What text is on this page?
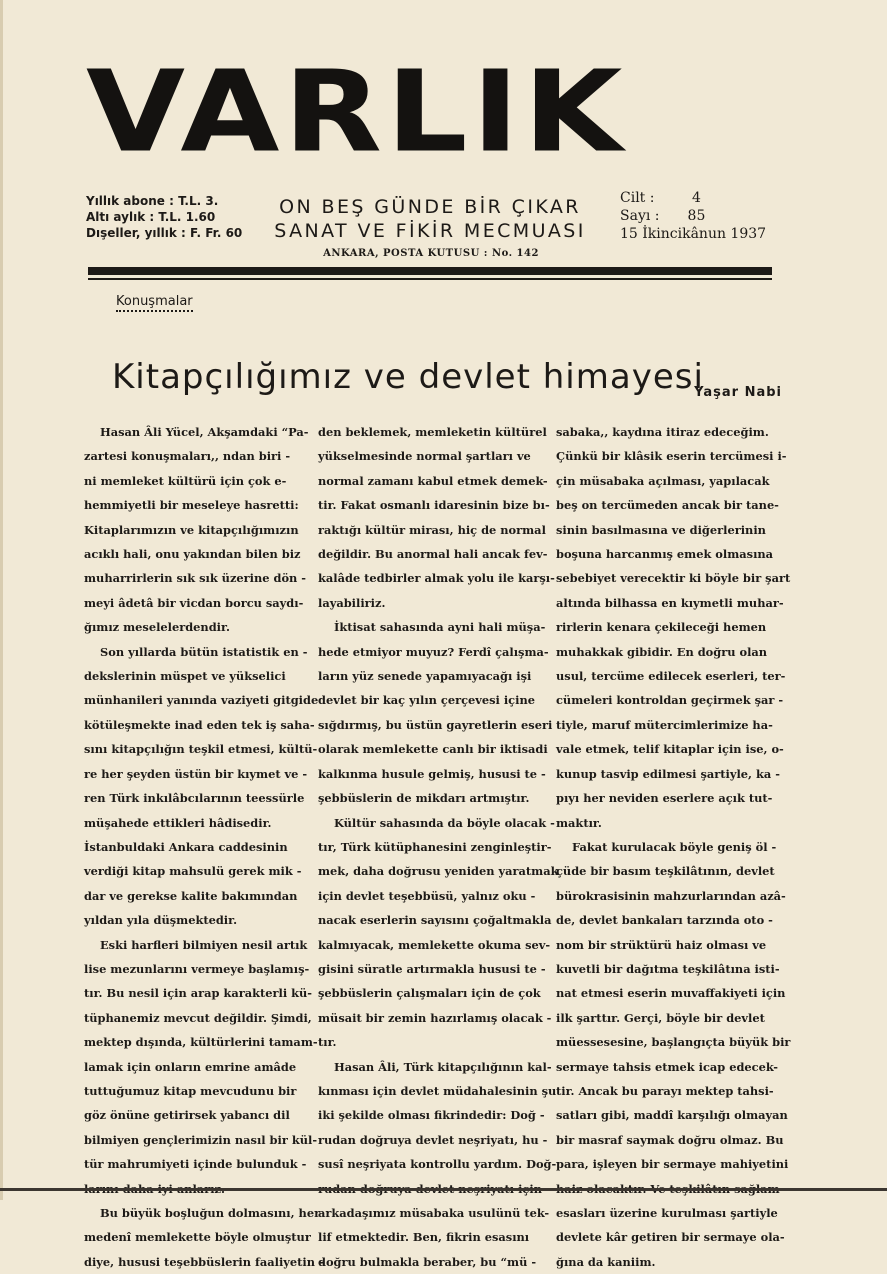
VARLIK
Yıllık abone : T.L. 3.
Altı aylık : T.L. 1.60
Dışeller, yıllık : F. Fr. 60
ON BEŞ GÜNDE BİR ÇIKAR
SANAT VE FİKİR MECMUASI
ANKARA, POSTA KUTUSU : No. 142
Cilt :	4
Sayı : 85
15 İkincikânun 1937
Konuşmalar
Kitapçılığımız ve devlet himayesi
Yaşar Nabi
Hasan Âli Yücel, Akşamdaki “Pa-
zartesi konuşmaları,, ndan biri -
ni memleket kültürü için çok e-
hemmiyetli bir meseleye hasretti:
Kitaplarımızın ve kitapçılığımızın
acıklı hali, onu yakından bilen biz
muharrirlerin sık sık üzerine dön -
meyi âdetâ bir vicdan borcu saydı-
ğımız meselelerdendir.
Son yıllarda bütün istatistik en -
dekslerinin müspet ve yükselici
münhanileri yanında vaziyeti gitgide
kötüleşmekte inad eden tek iş saha-
sını kitapçılığın teşkil etmesi, kültü-
re her şeyden üstün bir kıymet ve -
ren Türk inkılâbcılarının teessürle
müşahede ettikleri hâdisedir.
İstanbuldaki Ankara caddesinin
verdiği kitap mahsulü gerek mik -
dar ve gerekse kalite bakımından
yıldan yıla düşmektedir.
Eski harfleri bilmiyen nesil artık
lise mezunlarını vermeye başlamış-
tır. Bu nesil için arap karakterli kü-
tüphanemiz mevcut değildir. Şimdi,
mektep dışında, kültürlerini tamam-
lamak için onların emrine amâde
tuttuğumuz kitap mevcudunu bir
göz önüne getirirsek yabancı dil
bilmiyen gençlerimizin nasıl bir kül-
tür mahrumiyeti içinde bulunduk -
Bu büyük boşluğun dolmasını, her
medenî memlekette böyle olmuştur
diye, hususi teşebbüslerin faaliyetin -
den beklemek, memleketin kültürel
yükselmesinde normal şartları ve
normal zamanı kabul etmek demek-
tir. Fakat osmanlı idaresinin bize bı-
raktığı kültür mirası, hiç de normal
değildir. Bu anormal hali ancak fev-
kalâde tedbirler almak yolu ile karşı-
layabiliriz.
İktisat sahasında ayni hali müşa-
hede etmiyor muyuz? Ferdî çalışma-
ların yüz senede yapamıyacağı işi
devlet bir kaç yılın çerçevesi içine
sığdırmış, bu üstün gayretlerin eseri
olarak memlekette canlı bir iktisadi
kalkınma husule gelmiş, hususi te -
şebbüslerin de mikdarı artmıştır.
Kültür sahasında da böyle olacak -
tır, Türk kütüphanesini zenginleştir-
mek, daha doğrusu yeniden yaratmak
için devlet teşebbüsü, yalnız oku -
nacak eserlerin sayısını çoğaltmakla
kalmıyacak, memlekette okuma sev-
gisini süratle artırmakla hususi te -
şebbüslerin çalışmaları için de çok
müsait bir zemin hazırlamış olacak -
tır.
Hasan Âli, Türk kitapçılığının kal-
kınması için devlet müdahalesinin şu
iki şekilde olması fikrindedir: Doğ -
rudan doğruya devlet neşriyatı, hu -
susî neşriyata kontrollu yardım. Doğ-
arkadaşımız müsabaka usulünü tek-
lif etmektedir. Ben, fikrin esasını
doğru bulmakla beraber, bu “mü -
sabaka,, kaydına itiraz edeceğim.
Çünkü bir klâsik eserin tercümesi i-
çin müsabaka açılması, yapılacak
beş on tercümeden ancak bir tane-
sinin basılmasına ve diğerlerinin
boşuna harcanmış emek olmasına
sebebiyet verecektir ki böyle bir şart
altında bilhassa en kıymetli muhar-
rirlerin kenara çekileceği hemen
muhakkak gibidir. En doğru olan
usul, tercüme edilecek eserleri, ter-
cümeleri kontroldan geçirmek şar -
tiyle, maruf mütercimlerimize ha-
vale etmek, telif kitaplar için ise, o-
kunup tasvip edilmesi şartiyle, ka -
pıyı her neviden eserlere açık tut-
maktır.
Fakat kurulacak böyle geniş öl -
çüde bir basım teşkilâtının, devlet
bürokrasisinin mahzurlarından azâ-
de, devlet bankaları tarzında oto -
nom bir strüktürü haiz olması ve
kuvetli bir dağıtma teşkilâtına isti-
nat etmesi eserin muvaffakiyeti için
ilk şarttır. Gerçi, böyle bir devlet
müessesesine, başlangıçta büyük bir
sermaye tahsis etmek icap edecek-
tir. Ancak bu parayı mektep tahsi-
satları gibi, maddî karşılığı olmayan
bir masraf saymak doğru olmaz. Bu
para, işleyen bir sermaye mahiyetini
esasları üzerine kurulması şartiyle
devlete kâr getiren bir sermaye ola-
ğına da kaniim.
